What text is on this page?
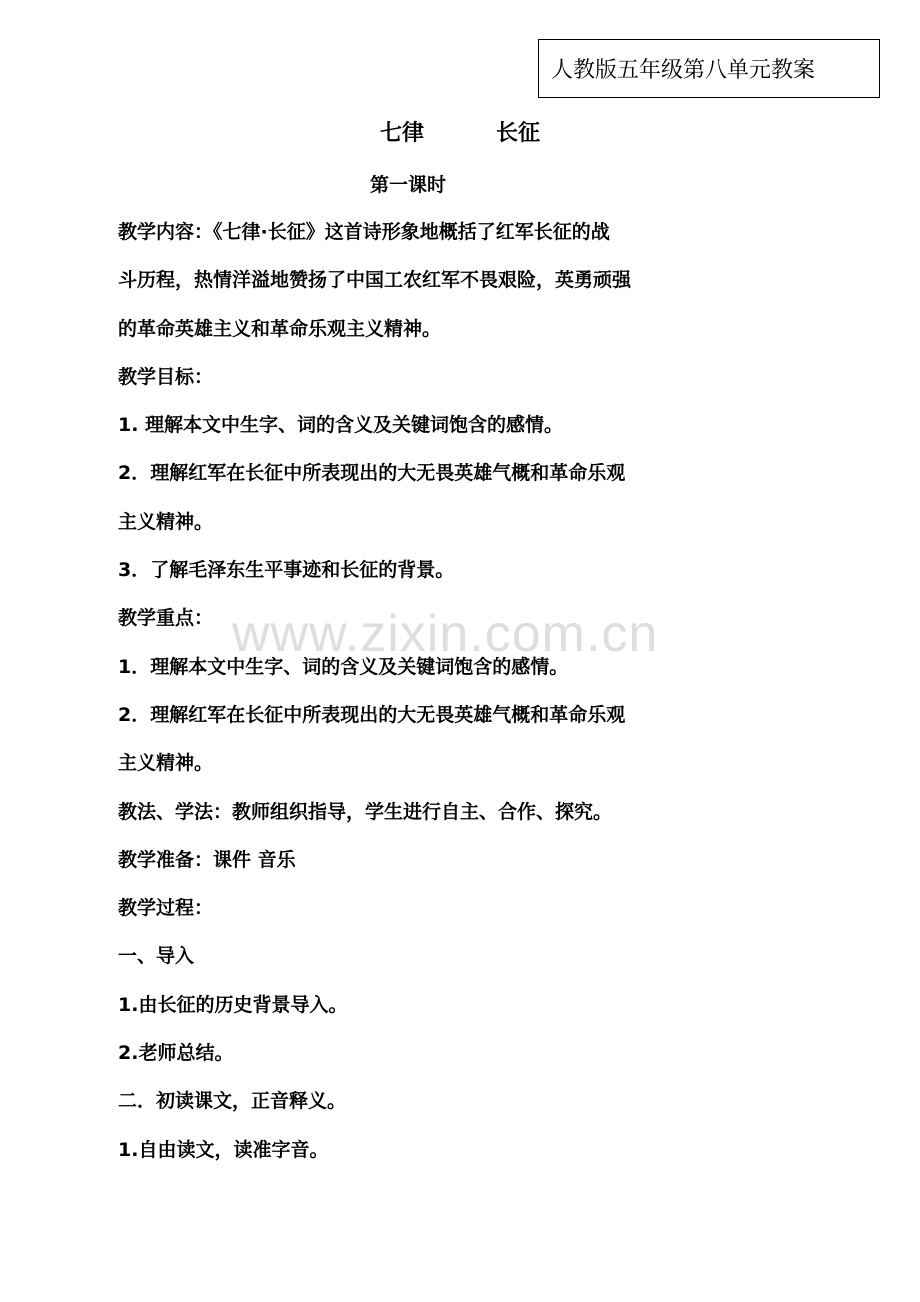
人教版五年级第八单元教案
七律	长征
第一课时
教学内容：《七律·长征》这首诗形象地概括了红军长征的战
斗历程，热情洋溢地赞扬了中国工农红军不畏艰险，英勇顽强
的革命英雄主义和革命乐观主义精神。
教学目标：
1. 理解本文中生字、词的含义及关键词饱含的感情。
2．理解红军在长征中所表现出的大无畏英雄气概和革命乐观
主义精神。
3．了解毛泽东生平事迹和长征的背景。
教学重点：
1．理解本文中生字、词的含义及关键词饱含的感情。
2．理解红军在长征中所表现出的大无畏英雄气概和革命乐观
主义精神。
教法、学法：教师组织指导，学生进行自主、合作、探究。
教学准备：课件 音乐
教学过程：
一、导入
1.由长征的历史背景导入。
2.老师总结。
二．初读课文，正音释义。
1.自由读文，读准字音。
www.zixin.com.cn
